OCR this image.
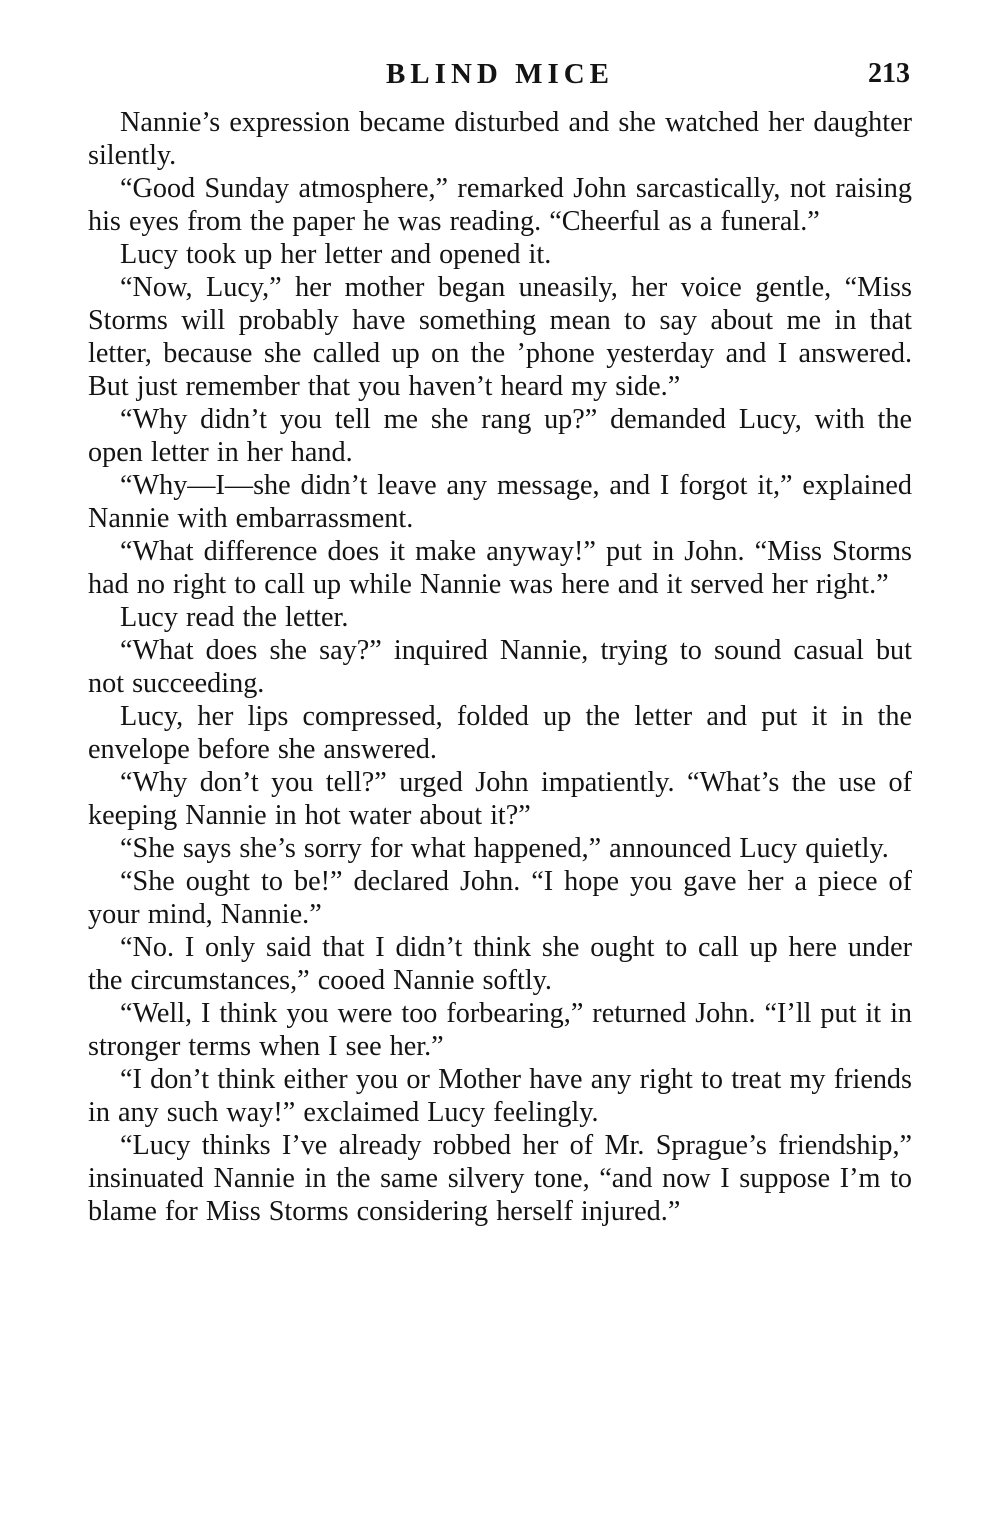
BLIND MICE	213

Nannie’s expression became disturbed and she watched her daughter silently.

“Good Sunday atmosphere,” remarked John sarcastically, not raising his eyes from the paper he was reading. “Cheerful as a funeral.”

Lucy took up her letter and opened it.

“Now, Lucy,” her mother began uneasily, her voice gentle, “Miss Storms will probably have something mean to say about me in that letter, because she called up on the ’phone yesterday and I answered. But just remember that you haven’t heard my side.”

“Why didn’t you tell me she rang up?” demanded Lucy, with the open letter in her hand.

“Why—I—she didn’t leave any message, and I forgot it,” explained Nannie with embarrassment.

“What difference does it make anyway!” put in John. “Miss Storms had no right to call up while Nannie was here and it served her right.”

Lucy read the letter.

“What does she say?” inquired Nannie, trying to sound casual but not succeeding.

Lucy, her lips compressed, folded up the letter and put it in the envelope before she answered.

“Why don’t you tell?” urged John impatiently. “What’s the use of keeping Nannie in hot water about it?”

“She says she’s sorry for what happened,” announced Lucy quietly.

“She ought to be!” declared John. “I hope you gave her a piece of your mind, Nannie.”

“No. I only said that I didn’t think she ought to call up here under the circumstances,” cooed Nannie softly.

“Well, I think you were too forbearing,” returned John. “I’ll put it in stronger terms when I see her.”

“I don’t think either you or Mother have any right to treat my friends in any such way!” exclaimed Lucy feelingly.

“Lucy thinks I’ve already robbed her of Mr. Sprague’s friendship,” insinuated Nannie in the same silvery tone, “and now I suppose I’m to blame for Miss Storms considering herself injured.”
